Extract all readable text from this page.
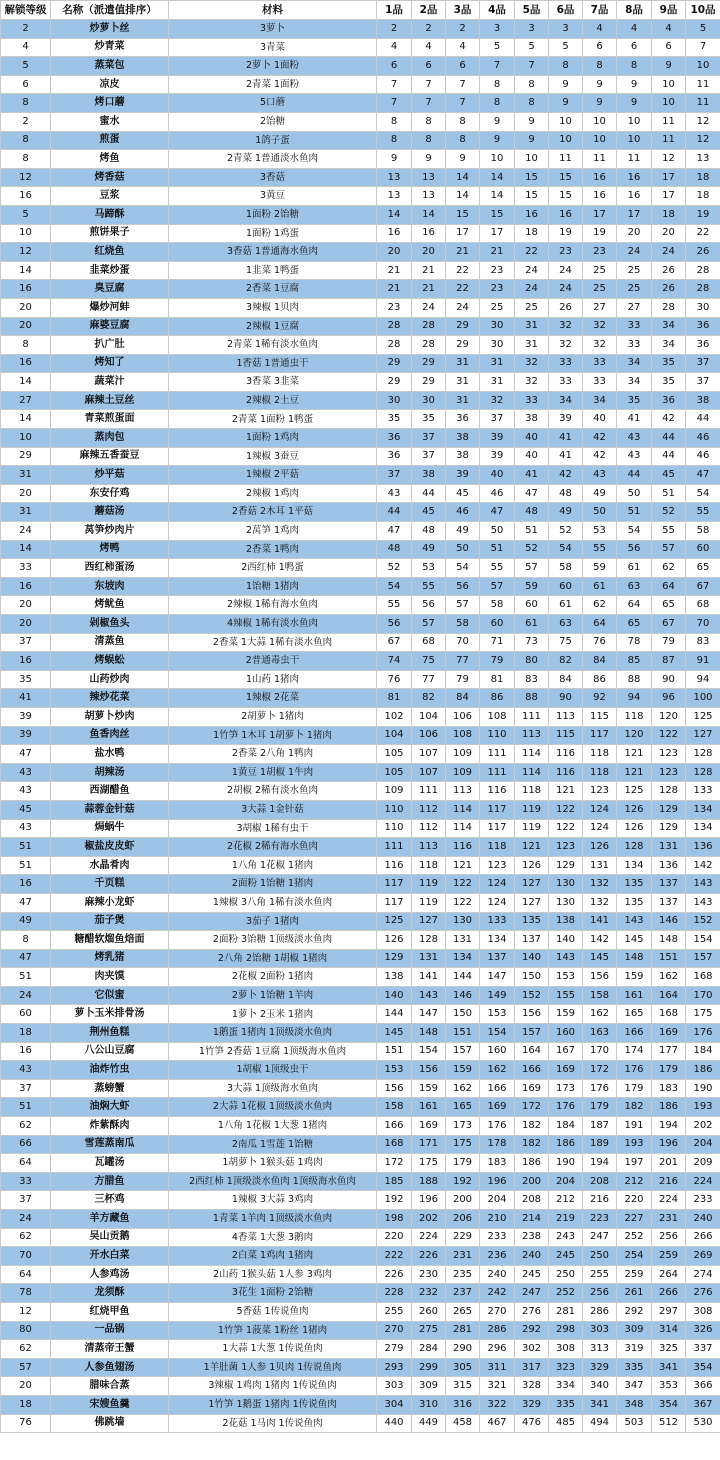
解锁等级	名称（派遣值排序）	材料	1品	2品	3品	4品	5品	6品	7品	8品	9品	10品
2	炒萝卜丝	3萝卜	2	2	2	3	3	3	4	4	4	5
4	炒青菜	3青菜	4	4	4	5	5	5	6	6	6	7
5	蒸菜包	2萝卜 1面粉	6	6	6	7	7	8	8	8	9	10
6	凉皮	2青菜 1面粉	7	7	7	8	8	9	9	9	10	11
8	烤口蘑	5口蘑	7	7	7	8	8	9	9	9	10	11
2	蜜水	2饴糖	8	8	8	9	9	10	10	10	11	12
8	煎蛋	1鸽子蛋	8	8	8	9	9	10	10	10	11	12
8	烤鱼	2青菜 1普通淡水鱼肉	9	9	9	10	10	11	11	11	12	13
12	烤香菇	3香菇	13	13	14	14	15	15	16	16	17	18
16	豆浆	3黄豆	13	13	14	14	15	15	16	16	17	18
5	马蹄酥	1面粉 2饴糖	14	14	15	15	16	16	17	17	18	19
10	煎饼果子	1面粉 1鸡蛋	16	16	17	17	18	19	19	20	20	22
12	红烧鱼	3香菇 1普通海水鱼肉	20	20	21	21	22	23	23	24	24	26
14	韭菜炒蛋	1韭菜 1鸭蛋	21	21	22	23	24	24	25	25	26	28
16	臭豆腐	2香菜 1豆腐	21	21	22	23	24	24	25	25	26	28
20	爆炒河蚌	3辣椒 1贝肉	23	24	24	25	25	26	27	27	28	30
20	麻婆豆腐	2辣椒 1豆腐	28	28	29	30	31	32	32	33	34	36
8	扒广肚	2青菜 1稀有淡水鱼肉	28	28	29	30	31	32	32	33	34	36
16	烤知了	1香菇 1普通虫干	29	29	31	31	32	33	33	34	35	37
14	蔬菜汁	3香菜 3韭菜	29	29	31	31	32	33	33	34	35	37
27	麻辣土豆丝	2辣椒 2土豆	30	30	31	32	33	34	34	35	36	38
14	青菜煎蛋面	2青菜 1面粉 1鸭蛋	35	35	36	37	38	39	40	41	42	44
10	蒸肉包	1面粉 1鸡肉	36	37	38	39	40	41	42	43	44	46
29	麻辣五香蚕豆	1辣椒 3蚕豆	36	37	38	39	40	41	42	43	44	46
31	炒平菇	1辣椒 2平菇	37	38	39	40	41	42	43	44	45	47
20	东安仔鸡	2辣椒 1鸡肉	43	44	45	46	47	48	49	50	51	54
31	蘑菇汤	2香菇 2木耳 1平菇	44	45	46	47	48	49	50	51	52	55
24	莴笋炒肉片	2莴笋 1鸡肉	47	48	49	50	51	52	53	54	55	58
14	烤鸭	2香菜 1鸭肉	48	49	50	51	52	54	55	56	57	60
33	西红柿蛋汤	2西红柿 1鸭蛋	52	53	54	55	57	58	59	61	62	65
16	东坡肉	1饴糖 1猪肉	54	55	56	57	59	60	61	63	64	67
20	烤鱿鱼	2辣椒 1稀有海水鱼肉	55	56	57	58	60	61	62	64	65	68
20	剁椒鱼头	4辣椒 1稀有淡水鱼肉	56	57	58	60	61	63	64	65	67	70
37	清蒸鱼	2香菜 1大蒜 1稀有淡水鱼肉	67	68	70	71	73	75	76	78	79	83
16	烤蜈蚣	2普通毒虫干	74	75	77	79	80	82	84	85	87	91
35	山药炒肉	1山药 1猪肉	76	77	79	81	83	84	86	88	90	94
41	辣炒花菜	1辣椒 2花菜	81	82	84	86	88	90	92	94	96	100
39	胡萝卜炒肉	2胡萝卜 1猪肉	102	104	106	108	111	113	115	118	120	125
39	鱼香肉丝	1竹笋 1木耳 1胡萝卜 1猪肉	104	106	108	110	113	115	117	120	122	127
47	盐水鸭	2香菜 2八角 1鸭肉	105	107	109	111	114	116	118	121	123	128
43	胡辣汤	1黄豆 1胡椒 1牛肉	105	107	109	111	114	116	118	121	123	128
43	西湖醋鱼	2胡椒 2稀有淡水鱼肉	109	111	113	116	118	121	123	125	128	133
45	蒜蓉金针菇	3大蒜 1金针菇	110	112	114	117	119	122	124	126	129	134
43	焗蜗牛	3胡椒 1稀有虫干	110	112	114	117	119	122	124	126	129	134
51	椒盐皮皮虾	2花椒 2稀有海水鱼肉	111	113	116	118	121	123	126	128	131	136
51	水晶肴肉	1八角 1花椒 1猪肉	116	118	121	123	126	129	131	134	136	142
16	千页糕	2面粉 1饴糖 1猪肉	117	119	122	124	127	130	132	135	137	143
47	麻辣小龙虾	1辣椒 3八角 1稀有淡水鱼肉	117	119	122	124	127	130	132	135	137	143
49	茄子煲	3茄子 1猪肉	125	127	130	133	135	138	141	143	146	152
8	糖醋软熘鱼焙面	2面粉 3饴糖 1顶级淡水鱼肉	126	128	131	134	137	140	142	145	148	154
47	烤乳猪	2八角 2饴糖 1胡椒 1猪肉	129	131	134	137	140	143	145	148	151	157
51	肉夹馍	2花椒 2面粉 1猪肉	138	141	144	147	150	153	156	159	162	168
24	它似蜜	2萝卜 1饴糖 1羊肉	140	143	146	149	152	155	158	161	164	170
60	萝卜玉米排骨汤	1萝卜 2玉米 1猪肉	144	147	150	153	156	159	162	165	168	175
18	荆州鱼糕	1鹅蛋 1猪肉 1顶级淡水鱼肉	145	148	151	154	157	160	163	166	169	176
16	八公山豆腐	1竹笋 2香菇 1豆腐 1顶级海水鱼肉	151	154	157	160	164	167	170	174	177	184
43	油炸竹虫	1胡椒 1顶级虫干	153	156	159	162	166	169	172	176	179	186
37	蒸螃蟹	3大蒜 1顶级海水鱼肉	156	159	162	166	169	173	176	179	183	190
51	油焖大虾	2大蒜 1花椒 1顶级淡水鱼肉	158	161	165	169	172	176	179	182	186	193
62	炸紫酥肉	1八角 1花椒 1大葱 1猪肉	166	169	173	176	182	184	187	191	194	202
66	雪莲蒸南瓜	2南瓜 1雪莲 1饴糖	168	171	175	178	182	186	189	193	196	204
64	瓦罐汤	1胡萝卜 1猴头菇 1鸡肉	172	175	179	183	186	190	194	197	201	209
33	方腊鱼	2西红柿 1顶级淡水鱼肉 1顶级海水鱼肉	185	188	192	196	200	204	208	212	216	224
37	三杯鸡	1辣椒 3大蒜 3鸡肉	192	196	200	204	208	212	216	220	224	233
24	羊方藏鱼	1青菜 1羊肉 1顶级淡水鱼肉	198	202	206	210	214	219	223	227	231	240
62	吴山贡鹅	4香菜 1大葱 3鹅肉	220	224	229	233	238	243	247	252	256	266
70	开水白菜	2白菜 1鸡肉 1猪肉	222	226	231	236	240	245	250	254	259	269
64	人参鸡汤	2山药 1猴头菇 1人参 3鸡肉	226	230	235	240	245	250	255	259	264	274
78	龙须酥	3花生 1面粉 2饴糖	228	232	237	242	247	252	256	261	266	276
12	红烧甲鱼	5香菇 1传说鱼肉	255	260	265	270	276	281	286	292	297	308
80	一品锅	1竹笋 1菠菜 1粉丝 1猪肉	270	275	281	286	292	298	303	309	314	326
62	清蒸帝王蟹	1大蒜 1大葱 1传说鱼肉	279	284	290	296	302	308	313	319	325	337
57	人参鱼翅汤	1羊肚菌 1人参 1贝肉 1传说鱼肉	293	299	305	311	317	323	329	335	341	354
20	腊味合蒸	3辣椒 1鸡肉 1猪肉 1传说鱼肉	303	309	315	321	328	334	340	347	353	366
18	宋嫂鱼羹	1竹笋 1鹅蛋 1猪肉 1传说鱼肉	304	310	316	322	329	335	341	348	354	367
76	佛跳墙	2花菇 1马肉 1传说鱼肉	440	449	458	467	476	485	494	503	512	530
